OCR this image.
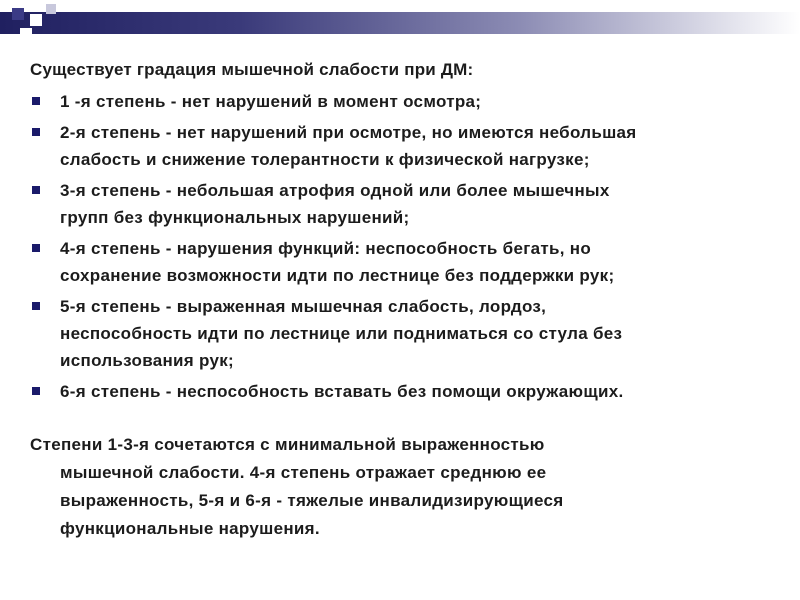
Существует градация мышечной слабости при ДМ:
1 -я степень - нет нарушений в момент осмотра;
2-я степень - нет нарушений при осмотре, но имеются небольшая
слабость и снижение толерантности к физической нагрузке;
3-я степень - небольшая атрофия одной или более мышечных
групп без функциональных нарушений;
4-я степень - нарушения функций: неспособность бегать, но
сохранение возможности идти по лестнице без поддержки рук;
5-я степень - выраженная мышечная слабость, лордоз,
неспособность идти по лестнице или подниматься со стула без
использования рук;
6-я степень - неспособность вставать без помощи окружающих.
Степени 1-3-я сочетаются с минимальной выраженностью
мышечной слабости. 4-я степень отражает среднюю ее
выраженность, 5-я и 6-я - тяжелые инвалидизирующиеся
функциональные нарушения.
